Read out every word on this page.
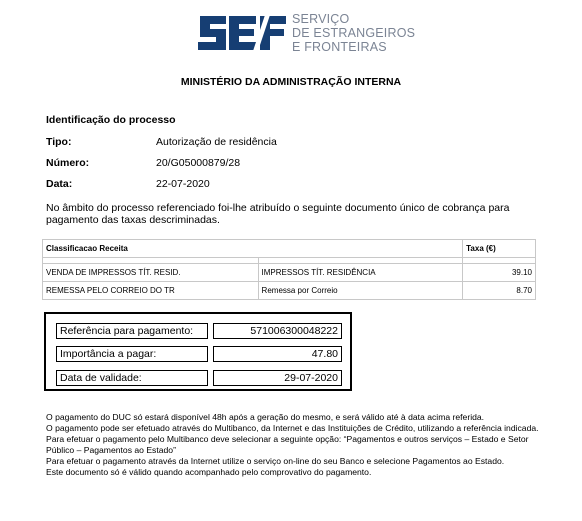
SERVIÇO
DE ESTRANGEIROS
E FRONTEIRAS
MINISTÉRIO DA ADMINISTRAÇÃO INTERNA
Identificação do processo
Tipo:	Autorização de residência
Número:	20/G05000879/28
Data:	22-07-2020
No âmbito do processo referenciado foi-lhe atribuído o seguinte documento único de cobrança para pagamento das taxas descriminadas.
Classificacao Receita		Taxa (€)

VENDA DE IMPRESSOS TÍT. RESID.	IMPRESSOS TÍT. RESIDÊNCIA	39.10
REMESSA PELO CORREIO DO TR	Remessa por Correio	8.70
Referência para pagamento:	571006300048222
Importância a pagar:	47.80
Data de validade:	29-07-2020

O pagamento do DUC só estará disponível 48h após a geração do mesmo, e será válido até à data acima referida.

O pagamento pode ser efetuado através do Multibanco, da Internet e das Instituições de Crédito, utilizando a referência indicada.

Para efetuar o pagamento pelo Multibanco deve selecionar a seguinte opção: “Pagamentos e outros serviços – Estado e Setor Público – Pagamentos ao Estado”

Para efetuar o pagamento através da Internet utilize o serviço on-line do seu Banco e selecione Pagamentos ao Estado.

Este documento só é válido quando acompanhado pelo comprovativo do pagamento.
